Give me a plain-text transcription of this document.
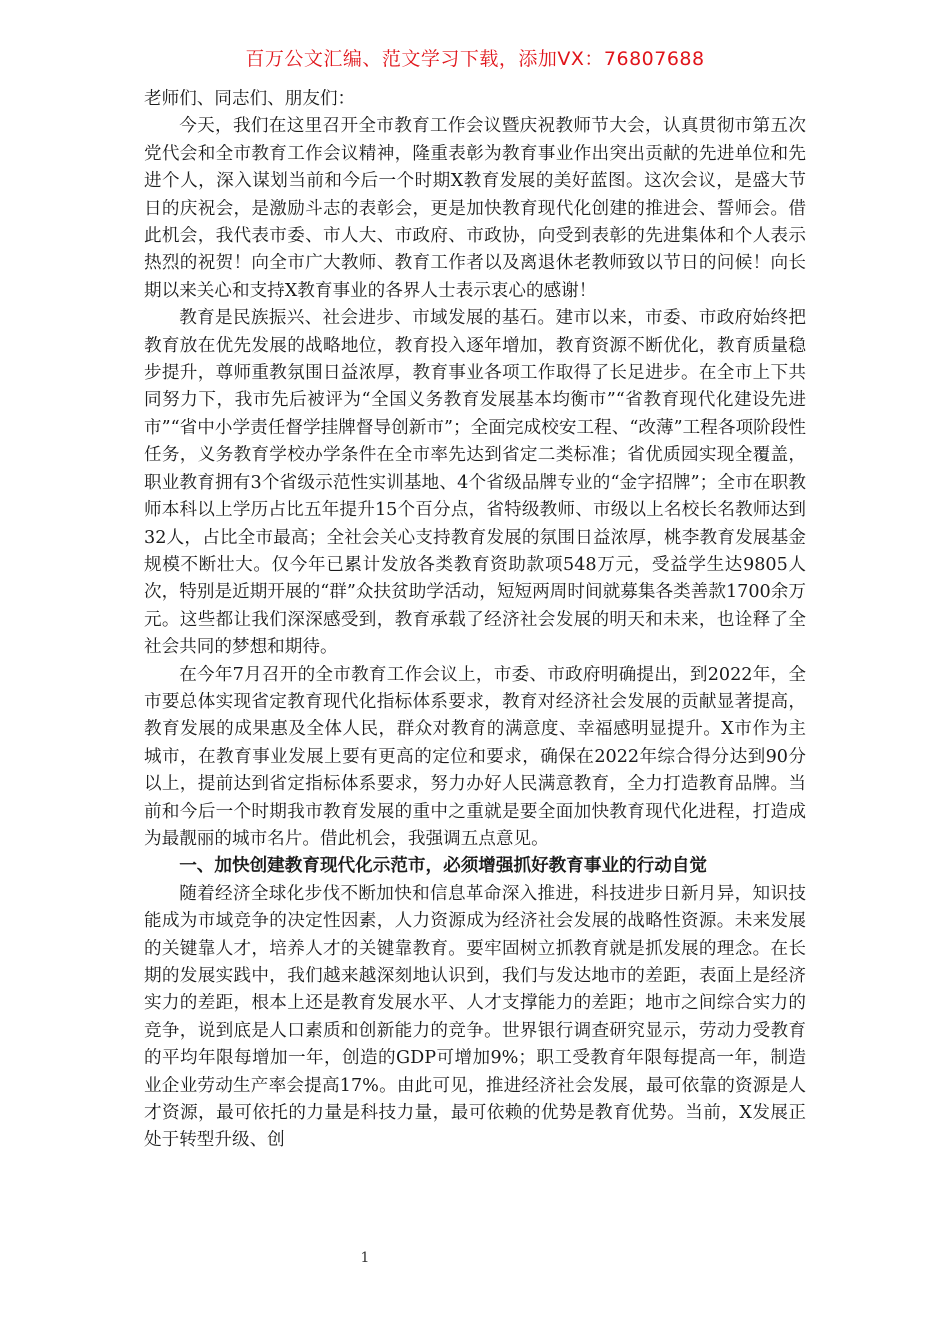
百万公文汇编、范文学习下载，添加VX：76807688

老师们、同志们、朋友们：

今天，我们在这里召开全市教育工作会议暨庆祝教师节大会，认真贯彻市第五次党代会和全市教育工作会议精神，隆重表彰为教育事业作出突出贡献的先进单位和先进个人，深入谋划当前和今后一个时期X教育发展的美好蓝图。这次会议，是盛大节日的庆祝会，是激励斗志的表彰会，更是加快教育现代化创建的推进会、誓师会。借此机会，我代表市委、市人大、市政府、市政协，向受到表彰的先进集体和个人表示热烈的祝贺！向全市广大教师、教育工作者以及离退休老教师致以节日的问候！向长期以来关心和支持X教育事业的各界人士表示衷心的感谢！

教育是民族振兴、社会进步、市域发展的基石。建市以来，市委、市政府始终把教育放在优先发展的战略地位，教育投入逐年增加，教育资源不断优化，教育质量稳步提升，尊师重教氛围日益浓厚，教育事业各项工作取得了长足进步。在全市上下共同努力下，我市先后被评为“全国义务教育发展基本均衡市”“省教育现代化建设先进市”“省中小学责任督学挂牌督导创新市”；全面完成校安工程、“改薄”工程各项阶段性任务，义务教育学校办学条件在全市率先达到省定二类标准；省优质园实现全覆盖，职业教育拥有3个省级示范性实训基地、4个省级品牌专业的“金字招牌”；全市在职教师本科以上学历占比五年提升15个百分点，省特级教师、市级以上名校长名教师达到32人，占比全市最高；全社会关心支持教育发展的氛围日益浓厚，桃李教育发展基金规模不断壮大。仅今年已累计发放各类教育资助款项548万元，受益学生达9805人次，特别是近期开展的“群”众扶贫助学活动，短短两周时间就募集各类善款1700余万元。这些都让我们深深感受到，教育承载了经济社会发展的明天和未来，也诠释了全社会共同的梦想和期待。

在今年7月召开的全市教育工作会议上，市委、市政府明确提出，到2022年，全市要总体实现省定教育现代化指标体系要求，教育对经济社会发展的贡献显著提高，教育发展的成果惠及全体人民，群众对教育的满意度、幸福感明显提升。X市作为主城市，在教育事业发展上要有更高的定位和要求，确保在2022年综合得分达到90分以上，提前达到省定指标体系要求，努力办好人民满意教育，全力打造教育品牌。当前和今后一个时期我市教育发展的重中之重就是要全面加快教育现代化进程，打造成为最靓丽的城市名片。借此机会，我强调五点意见。

一、加快创建教育现代化示范市，必须增强抓好教育事业的行动自觉

随着经济全球化步伐不断加快和信息革命深入推进，科技进步日新月异，知识技能成为市域竞争的决定性因素，人力资源成为经济社会发展的战略性资源。未来发展的关键靠人才，培养人才的关键靠教育。要牢固树立抓教育就是抓发展的理念。在长期的发展实践中，我们越来越深刻地认识到，我们与发达地市的差距，表面上是经济实力的差距，根本上还是教育发展水平、人才支撑能力的差距；地市之间综合实力的竞争，说到底是人口素质和创新能力的竞争。世界银行调查研究显示，劳动力受教育的平均年限每增加一年，创造的GDP可增加9%；职工受教育年限每提高一年，制造业企业劳动生产率会提高17%。由此可见，推进经济社会发展，最可依靠的资源是人才资源，最可依托的力量是科技力量，最可依赖的优势是教育优势。当前，X发展正处于转型升级、创

1
